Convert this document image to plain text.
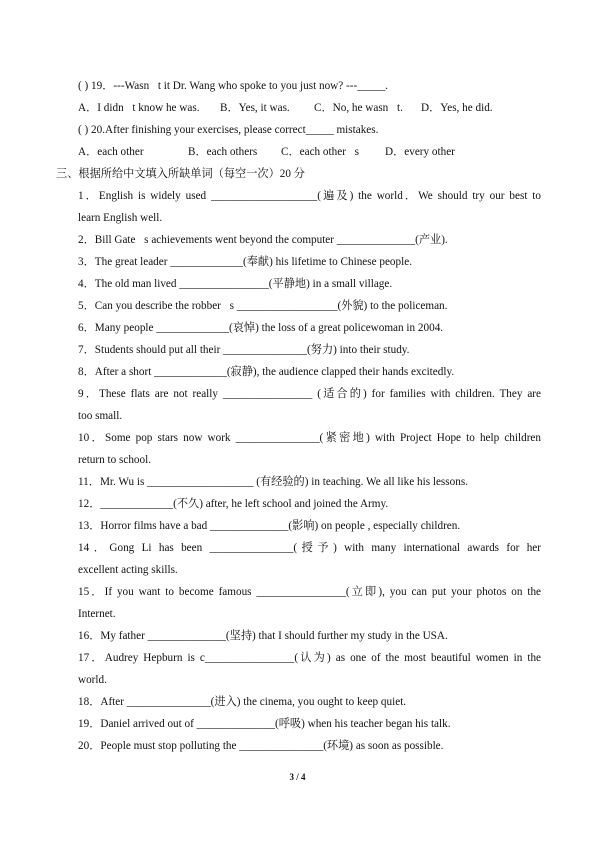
( ) 19．---Wasn t it Dr. Wang who spoke to you just now? ---_____.
A．I didn t know he was. B．Yes, it was. C．No, he wasn t. D．Yes, he did.
( ) 20.After finishing your exercises, please correct_____ mistakes.
A．each other	B．each others C．each other s D．every other
三、根据所给中文填入所缺单词（每空一次）20 分
1．English is widely used ___________________(遍及) the world．We should try our best to
learn English well.
2．Bill Gate s achievements went beyond the computer ______________(产业).
3．The great leader _____________(奉献) his lifetime to Chinese people.
4．The old man lived ________________(平静地) in a small village.
5．Can you describe the robber s __________________(外貌) to the policeman.
6．Many people _____________(哀悼) the loss of a great policewoman in 2004.
7．Students should put all their _______________(努力) into their study.
8．After a short _____________(寂静), the audience clapped their hands excitedly.
9．These flats are not really ________________ (适合的) for families with children. They are
too small.
10．Some pop stars now work _______________(紧密地) with Project Hope to help children
return to school.
11．Mr. Wu is ___________________ (有经验的) in teaching. We all like his lessons.
12．_____________(不久) after, he left school and joined the Army.
13．Horror films have a bad ______________(影响) on people , especially children.
14．Gong Li has been _______________(授予) with many international awards for her
excellent acting skills.
15．If you want to become famous ________________(立即), you can put your photos on the
Internet.
16．My father ______________(坚持) that I should further my study in the USA.
17．Audrey Hepburn is c________________(认为) as one of the most beautiful women in the
world.
18．After _______________(进入) the cinema, you ought to keep quiet.
19．Daniel arrived out of ______________(呼吸) when his teacher began his talk.
20．People must stop polluting the _______________(环境) as soon as possible.
3 / 4
